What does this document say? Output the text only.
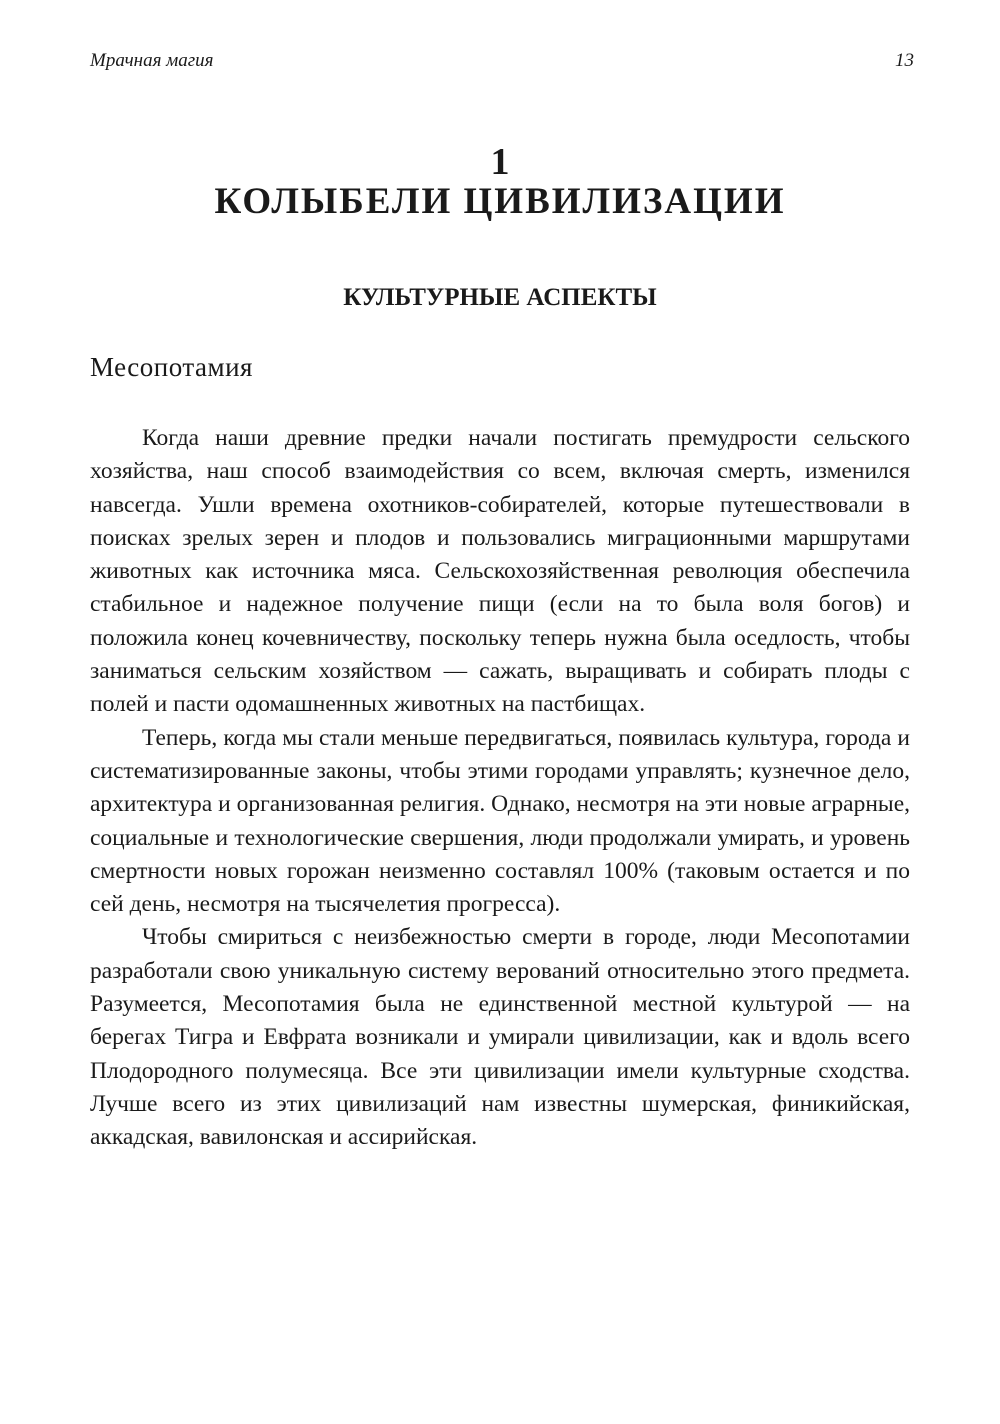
Мрачная магия	13
1
КОЛЫБЕЛИ ЦИВИЛИЗАЦИИ
КУЛЬТУРНЫЕ АСПЕКТЫ
Месопотамия

Когда наши древние предки начали постигать премудрости сельского хозяйства, наш способ взаимодействия со всем, включая смерть, изменился навсегда. Ушли времена охотников-собирателей, которые путешествовали в поисках зрелых зерен и плодов и пользовались миграционными маршрутами животных как источника мяса. Сельскохозяйственная революция обеспечила стабильное и надежное получение пищи (если на то была воля богов) и положила конец кочевничеству, поскольку теперь нужна была оседлость, чтобы заниматься сельским хозяйством — сажать, выращивать и собирать плоды с полей и пасти одомашненных животных на пастбищах.

Теперь, когда мы стали меньше передвигаться, появилась культура, города и систематизированные законы, чтобы этими городами управлять; кузнечное дело, архитектура и организованная религия. Однако, несмотря на эти новые аграрные, социальные и технологические свершения, люди продолжали умирать, и уровень смертности новых горожан неизменно составлял 100% (таковым остается и по сей день, несмотря на тысячелетия прогресса).

Чтобы смириться с неизбежностью смерти в городе, люди Месопотамии разработали свою уникальную систему верований относительно этого предмета. Разумеется, Месопотамия была не единственной местной культурой — на берегах Тигра и Евфрата возникали и умирали цивилизации, как и вдоль всего Плодородного полумесяца. Все эти цивилизации имели культурные сходства. Лучше всего из этих цивилизаций нам известны шумерская, финикийская, аккадская, вавилонская и ассирийская.
